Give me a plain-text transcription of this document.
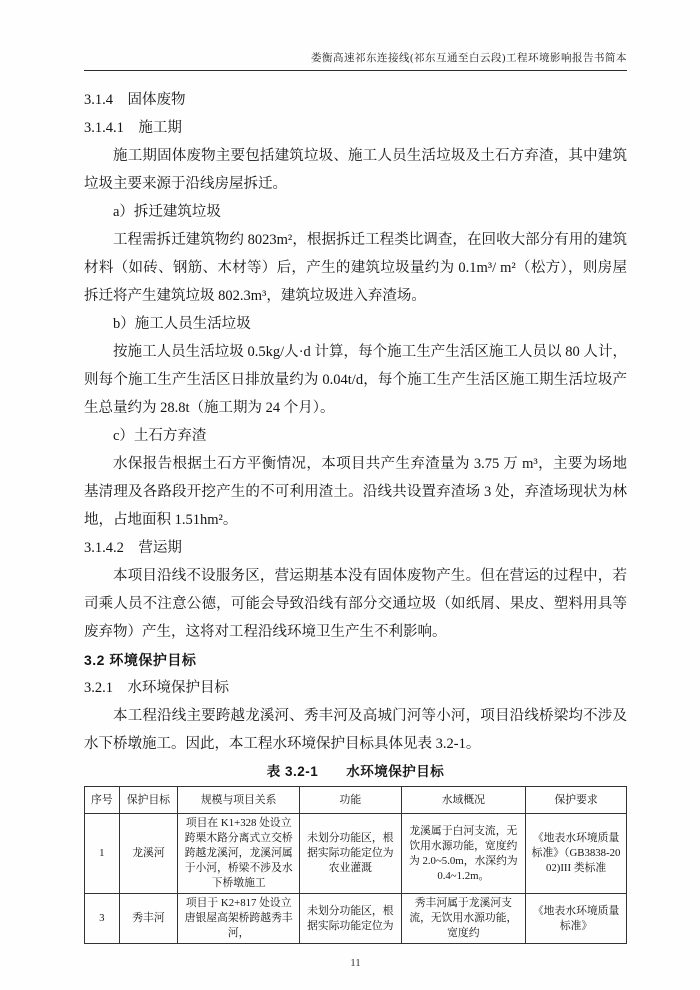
娄衡高速祁东连接线(祁东互通至白云段)工程环境影响报告书简本
3.1.4　固体废物
3.1.4.1　施工期

施工期固体废物主要包括建筑垃圾、施工人员生活垃圾及土石方弃渣，其中建筑垃圾主要来源于沿线房屋拆迁。

a）拆迁建筑垃圾

工程需拆迁建筑物约 8023m²，根据拆迁工程类比调查，在回收大部分有用的建筑材料（如砖、钢筋、木材等）后，产生的建筑垃圾量约为 0.1m³/ m²（松方），则房屋拆迁将产生建筑垃圾 802.3m³，建筑垃圾进入弃渣场。

b）施工人员生活垃圾

按施工人员生活垃圾 0.5kg/人·d 计算，每个施工生产生活区施工人员以 80 人计，则每个施工生产生活区日排放量约为 0.04t/d，每个施工生产生活区施工期生活垃圾产生总量约为 28.8t（施工期为 24 个月）。

c）土石方弃渣

水保报告根据土石方平衡情况，本项目共产生弃渣量为 3.75 万 m³，主要为场地基清理及各路段开挖产生的不可利用渣土。沿线共设置弃渣场 3 处，弃渣场现状为林地，占地面积 1.51hm²。

3.1.4.2　营运期

本项目沿线不设服务区，营运期基本没有固体废物产生。但在营运的过程中，若司乘人员不注意公德，可能会导致沿线有部分交通垃圾（如纸屑、果皮、塑料用具等废弃物）产生，这将对工程沿线环境卫生产生不利影响。

3.2 环境保护目标
3.2.1　水环境保护目标

本工程沿线主要跨越龙溪河、秀丰河及高城门河等小河，项目沿线桥梁均不涉及水下桥墩施工。因此，本工程水环境保护目标具体见表 3.2-1。

表 3.2-1　　水环境保护目标
序号	保护目标	规模与项目关系	功能	水域概况	保护要求
1	龙溪河	项目在 K1+328 处设立跨栗木路分离式立交桥跨越龙溪河，龙溪河属于小河，桥梁不涉及水下桥墩施工	未划分功能区，根据实际功能定位为农业灌溉	龙溪属于白河支流，无饮用水源功能，宽度约为 2.0~5.0m，水深约为 0.4~1.2m。	《地表水环境质量标准》（GB3838-2002)III 类标准
3	秀丰河	项目于 K2+817 处设立唐银屋高架桥跨越秀丰河，	未划分功能区，根据实际功能定位为	秀丰河属于龙溪河支流，无饮用水源功能，宽度约	《地表水环境质量标准》
11
